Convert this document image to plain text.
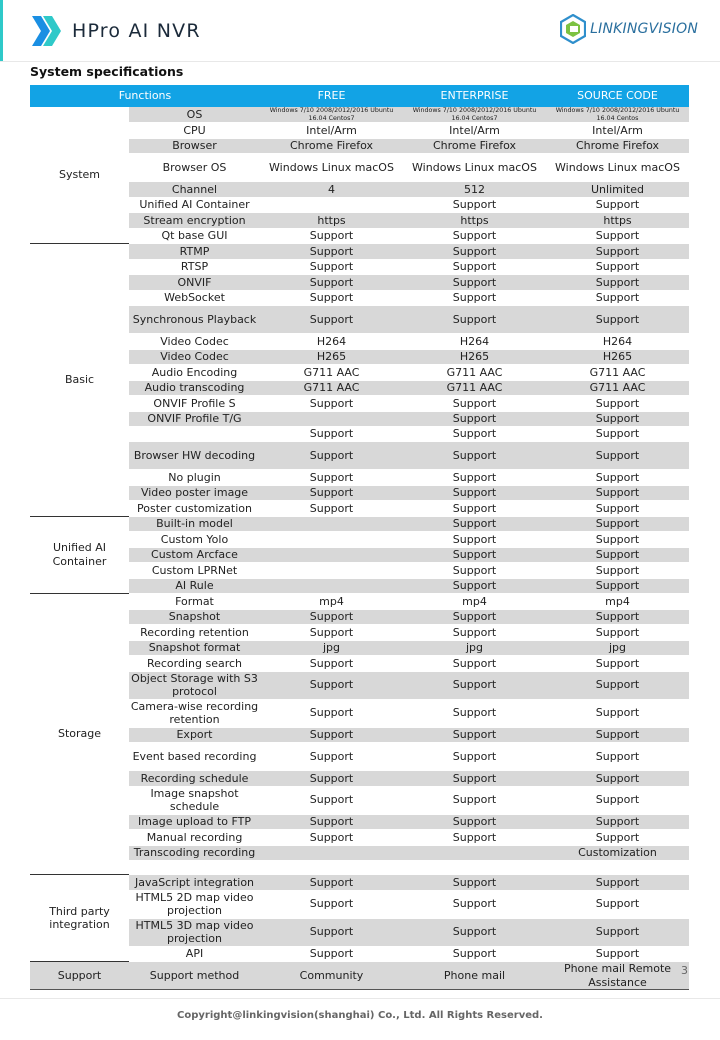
HPro AI NVR	LINKINGVISION
System specifications
Functions		FREE	ENTERPRISE	SOURCE CODE
System	OS	Windows 7/10 2008/2012/2016 Ubuntu 16.04 Centos7	Windows 7/10 2008/2012/2016 Ubuntu 16.04 Centos7	Windows 7/10 2008/2012/2016 Ubuntu 16.04 Centos
	CPU	Intel/Arm	Intel/Arm	Intel/Arm
	Browser	Chrome Firefox	Chrome Firefox	Chrome Firefox
	Browser OS	Windows Linux macOS	Windows Linux macOS	Windows Linux macOS
	Channel	4	512	Unlimited
	Unified AI Container		Support	Support
	Stream encryption	https	https	https
	Qt base GUI	Support	Support	Support
Basic	RTMP	Support	Support	Support
	RTSP	Support	Support	Support
	ONVIF	Support	Support	Support
	WebSocket	Support	Support	Support
	Synchronous Playback	Support	Support	Support
	Video Codec	H264	H264	H264
	Video Codec	H265	H265	H265
	Audio Encoding	G711 AAC	G711 AAC	G711 AAC
	Audio transcoding	G711 AAC	G711 AAC	G711 AAC
	ONVIF Profile S	Support	Support	Support
	ONVIF Profile T/G		Support	Support
		Support	Support	Support
	Browser HW decoding	Support	Support	Support
	No plugin	Support	Support	Support
	Video poster image	Support	Support	Support
	Poster customization	Support	Support	Support
Unified AI Container	Built-in model		Support	Support
	Custom Yolo		Support	Support
	Custom Arcface		Support	Support
	Custom LPRNet		Support	Support
	AI Rule		Support	Support
Storage	Format	mp4	mp4	mp4
	Snapshot	Support	Support	Support
	Recording retention	Support	Support	Support
	Snapshot format	jpg	jpg	jpg
	Recording search	Support	Support	Support
	Object Storage with S3 protocol	Support	Support	Support
	Camera-wise recording retention	Support	Support	Support
	Export	Support	Support	Support
	Event based recording	Support	Support	Support
	Recording schedule	Support	Support	Support
	Image snapshot schedule	Support	Support	Support
	Image upload to FTP	Support	Support	Support
	Manual recording	Support	Support	Support
	Transcoding recording			Customization

Third party integration	JavaScript integration	Support	Support	Support
	HTML5 2D map video projection	Support	Support	Support
	HTML5 3D map video projection	Support	Support	Support
	API	Support	Support	Support
Support	Support method	Community	Phone mail	Phone mail Remote Assistance
3
Copyright@linkingvision(shanghai) Co., Ltd. All Rights Reserved.
